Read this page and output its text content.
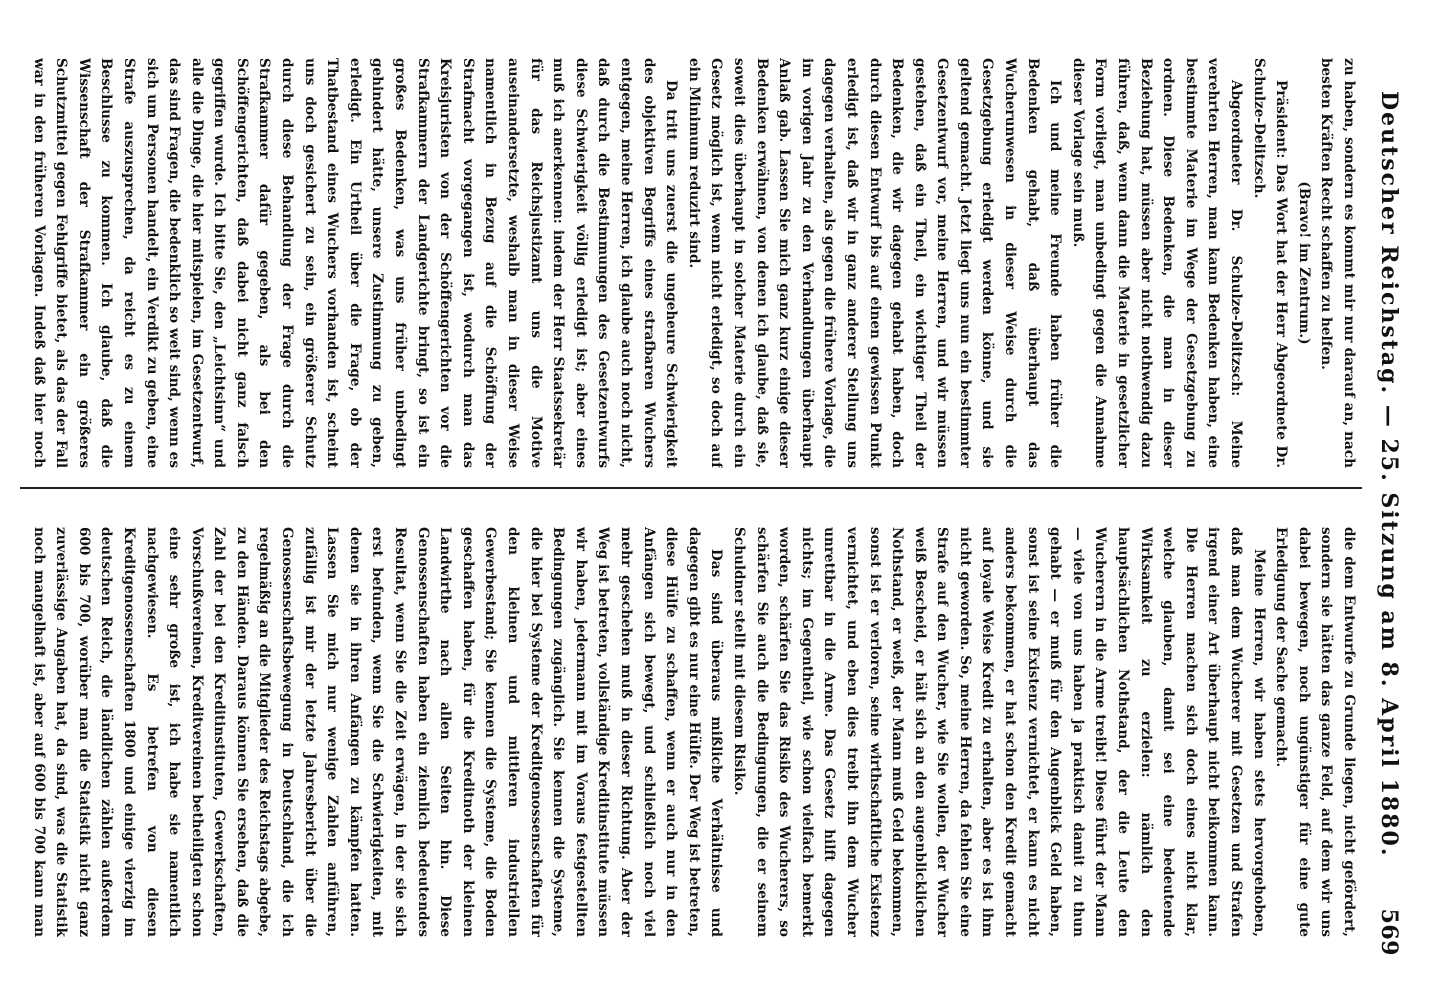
Deutscher Reichstag. — 25. Sitzung am 8. April 1880.
569

zu haben, sondern es kommt mir nur darauf an, nach besten Kräften Recht schaffen zu helfen.

(Bravo! im Zentrum.)

Präsident: Das Wort hat der Herr Abgeordnete Dr. Schulze-Delitzsch.

Abgeordneter Dr. Schulze-Delitzsch: Meine verehrten Herren, man kann Bedenken haben, eine bestimmte Materie im Wege der Gesetzgebung zu ordnen. Diese Bedenken, die man in dieser Beziehung hat, müssen aber nicht nothwendig dazu führen, daß, wenn dann die Materie in gesetzlicher Form vorliegt, man unbedingt gegen die Annahme dieser Vorlage sein muß.

Ich und meine Freunde haben früher die Bedenken gehabt, daß überhaupt das Wucherunwesen in dieser Weise durch die Gesetzgebung erledigt werden könne, und sie geltend gemacht. Jetzt liegt uns nun ein bestimmter Gesetzentwurf vor, meine Herren, und wir müssen gestehen, daß ein Theil, ein wichtiger Theil der Bedenken, die wir dagegen gehabt haben, doch durch diesen Entwurf bis auf einen gewissen Punkt erledigt ist, daß wir in ganz anderer Stellung uns dagegen verhalten, als gegen die frühere Vorlage, die im vorigen Jahr zu den Verhandlungen überhaupt Anlaß gab. Lassen Sie mich ganz kurz einige dieser Bedenken erwähnen, von denen ich glaube, daß sie, soweit dies überhaupt in solcher Materie durch ein Gesetz möglich ist, wenn nicht erledigt, so doch auf ein Minimum reduzirt sind.

Da tritt uns zuerst die ungeheure Schwierigkeit des objektiven Begriffs eines strafbaren Wuchers entgegen, meine Herren, ich glaube auch noch nicht, daß durch die Bestimmungen des Gesetzentwurfs diese Schwierigkeit völlig erledigt ist; aber eines muß ich anerkennen: indem der Herr Staatssekretär für das Reichsjustizamt uns die Motive auseinandersetzte, weshalb man in dieser Weise namentlich in Bezug auf die Schöffung der Strafmacht vorgegangen ist, wodurch man das Kreisjuristen von der Schöffengerichten vor die Strafkammern der Landgerichte bringt, so ist ein großes Bedenken, was uns früher unbedingt gehindert hätte, unsere Zustimmung zu geben, erledigt. Ein Urtheil über die Frage, ob der Thatbestand eines Wuchers vorhanden ist, scheint uns doch gesichert zu sein, ein größerer Schutz durch diese Behandlung der Frage durch die Strafkammer dafür gegeben, als bei den Schöffengerichten, daß dabei nicht ganz falsch gegriffen wurde. Ich bitte Sie, den „Leichtsinn“ und alle die Dinge, die hier mitspielen, im Gesetzentwurf, das sind Fragen, die bedenklich so weit sind, wenn es sich um Personen handelt, ein Verdikt zu geben, eine Strafe auszusprechen, da reicht es zu einem Beschlusse zu kommen. Ich glaube, daß die Wissenschaft der Strafkammer ein größeres Schutzmittel gegen Fehlgriffe bietet, als das der Fall war in den früheren Vorlagen. Indeß daß hier noch

die dem Entwurfe zu Grunde liegen, nicht gefördert, sondern sie hätten das ganze Feld, auf dem wir uns dabei bewegen, noch ungünstiger für eine gute Erledigung der Sache gemacht.

Meine Herren, wir haben stets hervorgehoben, daß man dem Wucherer mit Gesetzen und Strafen irgend einer Art überhaupt nicht beikommen kann. Die Herren machen sich doch eines nicht klar, welche glauben, damit sei eine bedeutende Wirksamkeit zu erzielen: nämlich den hauptsächlichen Nothstand, der die Leute den Wucherern in die Arme treibt! Diese führt der Mann — viele von uns haben ja praktisch damit zu thun gehabt — er muß für den Augenblick Geld haben, sonst ist seine Existenz vernichtet, er kann es nicht anders bekommen, er hat schon den Kredit gemacht auf loyale Weise Kredit zu erhalten, aber es ist ihm nicht geworden. So, meine Herren, da fehlen Sie eine Strafe auf den Wucher, wie Sie wollen, der Wucher weiß Bescheid, er hält sich an den augenblicklichen Nothstand, er weiß, der Mann muß Geld bekommen, sonst ist er verloren, seine wirthschaftliche Existenz vernichtet, und eben dies treibt ihn dem Wucher unrettbar in die Arme. Das Gesetz hilft dagegen nichts; im Gegentheil, wie schon vielfach bemerkt worden, schärfen Sie das Risiko des Wucherers, so schärfen Sie auch die Bedingungen, die er seinem Schuldner stellt mit diesem Risiko.

Das sind überaus mißliche Verhältnisse und dagegen gibt es nur eine Hülfe. Der Weg ist betreten, diese Hülfe zu schaffen, wenn er auch nur in den Anfängen sich bewegt, und schließlich noch viel mehr geschehen muß in dieser Richtung. Aber der Weg ist betreten, vollständige Kreditinstitute müssen wir haben, jedermann mit im Voraus festgestellten Bedingungen zugänglich. Sie kennen die Systeme, die hier bei Systeme der Kreditgenossenschaften für den kleinen und mittleren industriellen Gewerbestand; Sie kennen die Systeme, die Boden geschaffen haben, für die Kreditnoth der kleinen Landwirthe nach allen Seiten hin. Diese Genossenschaften haben ein ziemlich bedeutendes Resultat, wenn Sie die Zeit erwägen, in der sie sich erst befunden, wenn Sie die Schwierigkeiten, mit denen sie in ihren Anfängen zu kämpfen hatten. Lassen Sie mich nur wenige Zahlen anführen, zufällig ist mir der letzte Jahresbericht über die Genossenschaftsbewegung in Deutschland, die ich regelmäßig an die Mitglieder des Reichstags abgebe, zu den Händen. Daraus können Sie ersehen, daß die Zahl der bei den Kreditinstituten, Gewerkschaften, Vorschußvereinen, Kreditvereinen betheiligten schon eine sehr große ist, ich habe sie namentlich nachgewiesen. Es betrefen von diesen Kreditgenossenschaften 1800 und einige vierzig im deutschen Reich, die ländlichen zählen außerdem 600 bis 700, worüber man die Statistik nicht ganz zuverlässige Angaben hat, da sind, was die Statistik noch mangelhaft ist, aber auf 600 bis 700 kann man
